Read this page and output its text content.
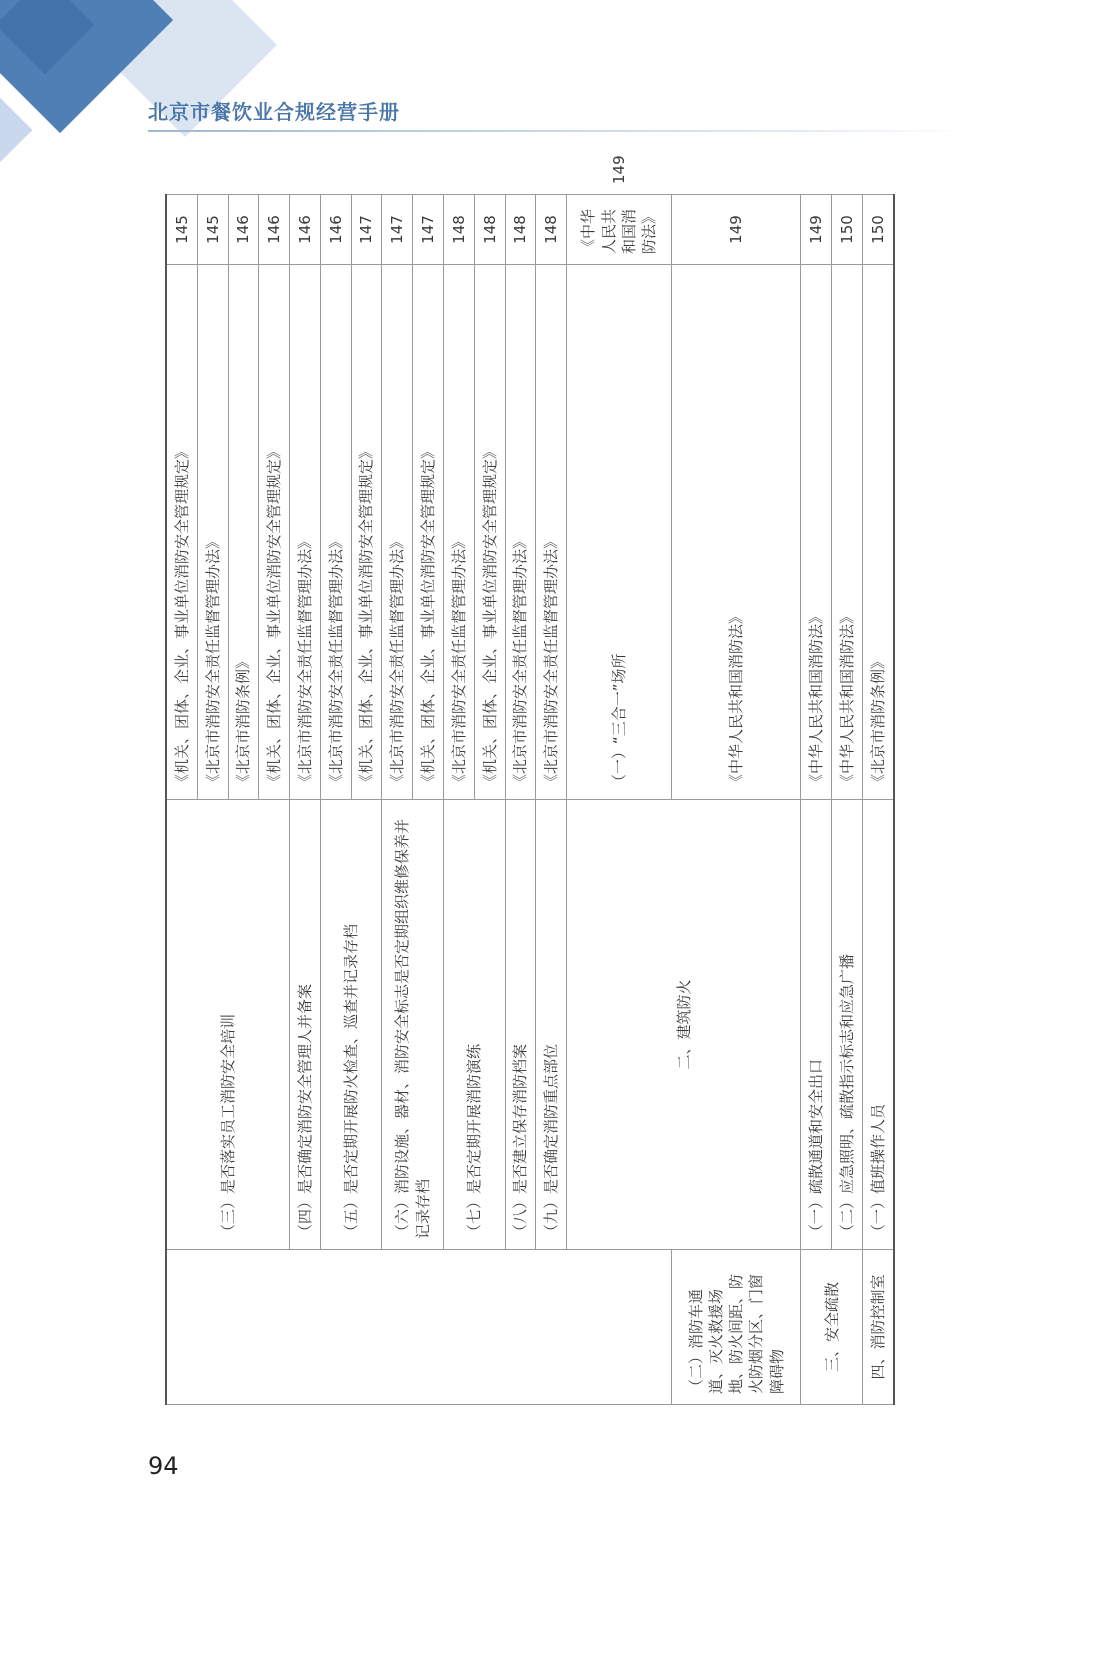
北京市餐饮业合规经营手册
	（三）是否落实员工消防安全培训	《机关、团体、企业、事业单位消防安全管理规定》	145	
		《北京市消防安全责任监督管理办法》	145	
		《北京市消防条例》	146	
		《机关、团体、企业、事业单位消防安全管理规定》	146	
	（四）是否确定消防安全管理人并备案	《北京市消防安全责任监督管理办法》	146	
	（五）是否定期开展防火检查、巡查并记录存档	《北京市消防安全责任监督管理办法》	146	
		《机关、团体、企业、事业单位消防安全管理规定》	147	
	（六）消防设施、器材、消防安全标志是否定期组织维修保养并记录存档	《北京市消防安全责任监督管理办法》	147	
		《机关、团体、企业、事业单位消防安全管理规定》	147	
	（七）是否定期开展消防演练	《北京市消防安全责任监督管理办法》	148	
		《机关、团体、企业、事业单位消防安全管理规定》	148	
	（八）是否建立保存消防档案	《北京市消防安全责任监督管理办法》	148	
	（九）是否确定消防重点部位	《北京市消防安全责任监督管理办法》	148	
	二、建筑防火	（一）“三合一”场所	《中华人民共和国消防法》	149
（二）消防车通道、灭火救援场地、防火间距、防火防烟分区、门窗障碍物		《中华人民共和国消防法》	149	
三、安全疏散	（一）疏散通道和安全出口	《中华人民共和国消防法》	149	
	（二）应急照明、疏散指示标志和应急广播	《中华人民共和国消防法》	150	
四、消防控制室	（一）值班操作人员	《北京市消防条例》	150	
94
